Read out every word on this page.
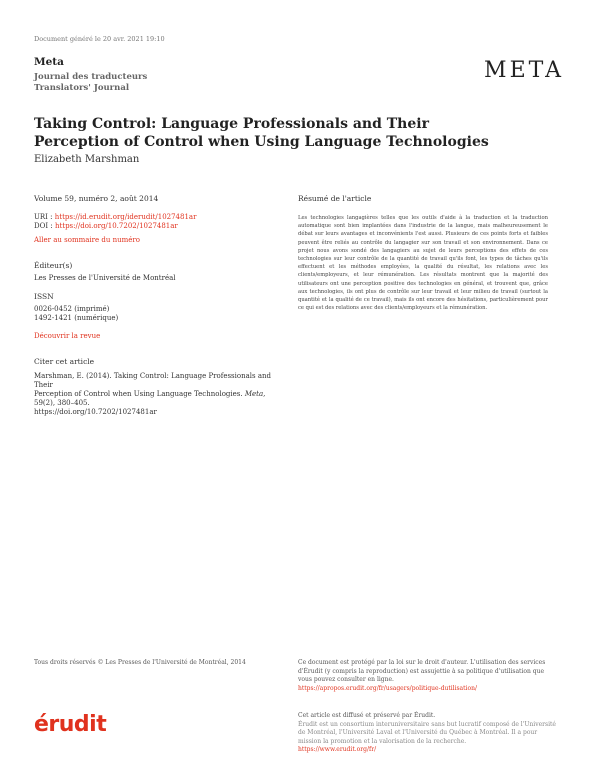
Document généré le 20 avr. 2021 19:10
Meta
Journal des traducteurs
Translators' Journal
META
Taking Control: Language Professionals and Their Perception of Control when Using Language Technologies
Elizabeth Marshman
Volume 59, numéro 2, août 2014
URI : https://id.erudit.org/iderudit/1027481ar
DOI : https://doi.org/10.7202/1027481ar
Aller au sommaire du numéro
Éditeur(s)
Les Presses de l'Université de Montréal
ISSN
0026-0452 (imprimé)
1492-1421 (numérique)
Découvrir la revue
Citer cet article
Marshman, E. (2014). Taking Control: Language Professionals and Their
Perception of Control when Using Language Technologies. Meta, 59(2), 380–405.
https://doi.org/10.7202/1027481ar
Résumé de l'article
Les technologies langagières telles que les outils d'aide à la traduction et la traduction automatique sont bien implantées dans l'industrie de la langue, mais malheureusement le débat sur leurs avantages et inconvénients l'est aussi. Plusieurs de ces points forts et faibles peuvent être reliés au contrôle du langagier sur son travail et son environnement. Dans ce projet nous avons sondé des langagiers au sujet de leurs perceptions des effets de ces technologies sur leur contrôle de la quantité de travail qu'ils font, les types de tâches qu'ils effectuent et les méthodes employées, la qualité du résultat, les relations avec les clients/employeurs, et leur rémunération. Les résultats montrent que la majorité des utilisateurs ont une perception positive des technologies en général, et trouvent que, grâce aux technologies, ils ont plus de contrôle sur leur travail et leur milieu de travail (surtout la quantité et la qualité de ce travail), mais ils ont encore des hésitations, particulièrement pour ce qui est des relations avec des clients/employeurs et la rémunération.
Tous droits réservés © Les Presses de l'Université de Montréal, 2014	Ce document est protégé par la loi sur le droit d'auteur. L'utilisation des services d'Érudit (y compris la reproduction) est assujettie à sa politique d'utilisation que vous pouvez consulter en ligne.
https://apropos.erudit.org/fr/usagers/politique-dutilisation/
érudit	Cet article est diffusé et préservé par Érudit.
Érudit est un consortium interuniversitaire sans but lucratif composé de l'Université de Montréal, l'Université Laval et l'Université du Québec à Montréal. Il a pour mission la promotion et la valorisation de la recherche.
https://www.erudit.org/fr/
